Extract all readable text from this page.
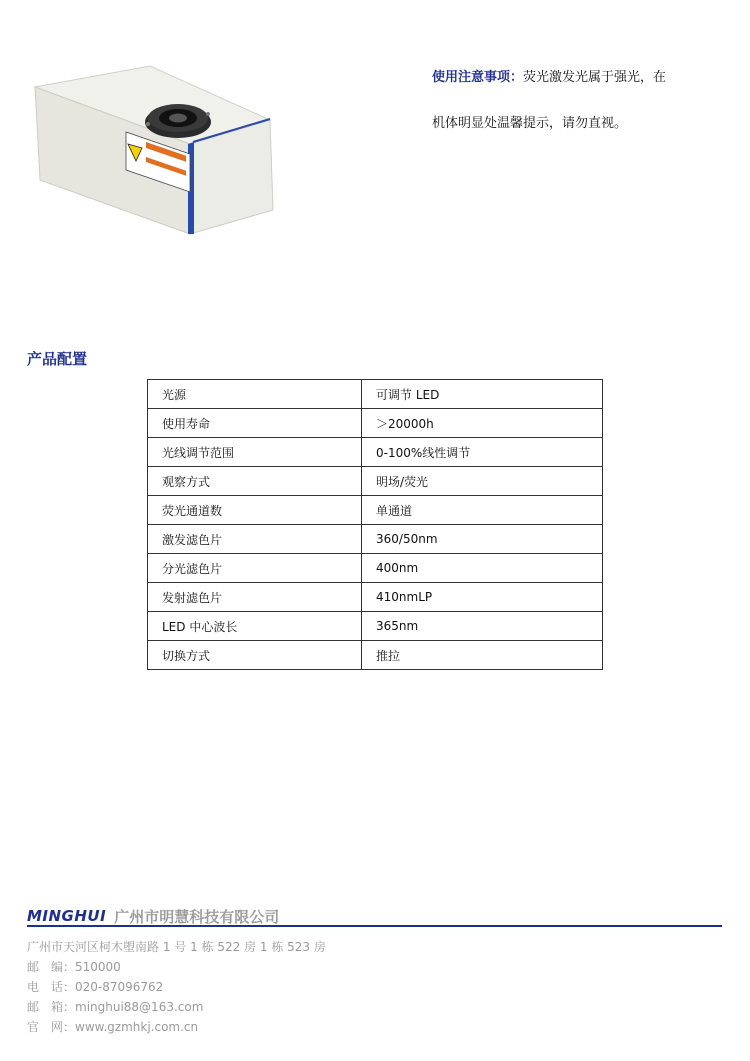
使用注意事项：荧光激发光属于强光，在
机体明显处温馨提示，请勿直视。
产品配置
光源	可调节 LED
使用寿命	＞20000h
光线调节范围	0-100%线性调节
观察方式	明场/荧光
荧光通道数	单通道
激发滤色片	360/50nm
分光滤色片	400nm
发射滤色片	410nmLP
LED 中心波长	365nm
切换方式	推拉
MINGHUI 广州市明慧科技有限公司
广州市天河区柯木塱南路 1 号 1 栋 522 房 1 栋 523 房
邮　编：510000
电　话：020-87096762
邮　箱：minghui88@163.com
官　网：www.gzmhkj.com.cn
